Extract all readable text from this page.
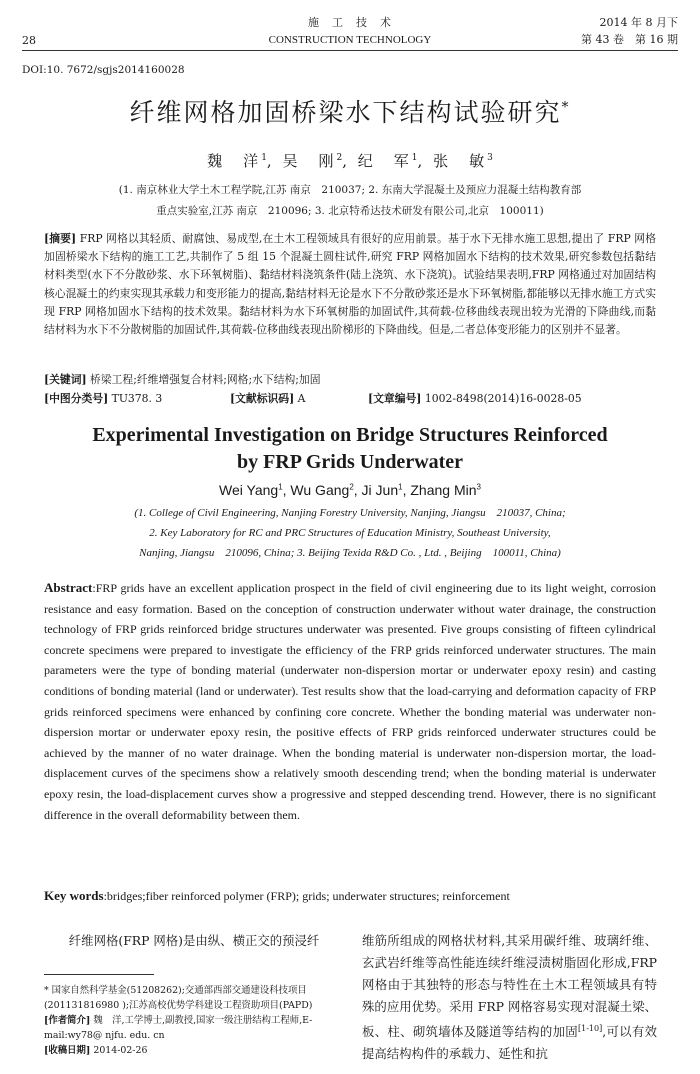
28
施　工　技　术
CONSTRUCTION TECHNOLOGY
2014 年 8 月下
第 43 卷　第 16 期
DOI:10. 7672/sgjs2014160028
纤维网格加固桥梁水下结构试验研究*
魏　洋$^1$, 吴　刚$^2$, 纪　军$^1$, 张　敏$^3$
(1. 南京林业大学土木工程学院,江苏 南京　210037; 2. 东南大学混凝土及预应力混凝土结构教育部
重点实验室,江苏 南京　210096; 3. 北京特希达技术研发有限公司,北京　100011)
[摘要] FRP 网格以其轻质、耐腐蚀、易成型,在土木工程领域具有很好的应用前景。基于水下无排水施工思想,提出了 FRP 网格加固桥梁水下结构的施工工艺,共制作了 5 组 15 个混凝土圆柱试件,研究 FRP 网格加固水下结构的技术效果,研究参数包括黏结材料类型(水下不分散砂浆、水下环氧树脂)、黏结材料浇筑条件(陆上浇筑、水下浇筑)。试验结果表明,FRP 网格通过对加固结构核心混凝土的约束实现其承载力和变形能力的提高,黏结材料无论是水下不分散砂浆还是水下环氧树脂,都能够以无排水施工方式实现 FRP 网格加固水下结构的技术效果。黏结材料为水下环氧树脂的加固试件,其荷载-位移曲线表现出较为光滑的下降曲线,而黏结材料为水下不分散树脂的加固试件,其荷载-位移曲线表现出阶梯形的下降曲线。但是,二者总体变形能力的区别并不显著。
[关键词] 桥梁工程;纤维增强复合材料;网格;水下结构;加固
[中图分类号] TU378. 3	[文献标识码] A	[文章编号] 1002-8498(2014)16-0028-05
Experimental Investigation on Bridge Structures Reinforced
by FRP Grids Underwater
Wei Yang$^1$, Wu Gang$^2$, Ji Jun$^1$, Zhang Min$^3$
(1. College of Civil Engineering, Nanjing Forestry University, Nanjing, Jiangsu　210037, China;
2. Key Laboratory for RC and PRC Structures of Education Ministry, Southeast University,
Nanjing, Jiangsu　210096, China; 3. Beijing Texida R&D Co. , Ltd. , Beijing　100011, China)
Abstract:FRP grids have an excellent application prospect in the field of civil engineering due to its light weight, corrosion resistance and easy formation. Based on the conception of construction underwater without water drainage, the construction technology of FRP grids reinforced bridge structures underwater was presented. Five groups consisting of fifteen cylindrical concrete specimens were prepared to investigate the efficiency of the FRP grids reinforced underwater structures. The main parameters were the type of bonding material (underwater non-dispersion mortar or underwater epoxy resin) and casting conditions of bonding material (land or underwater). Test results show that the load-carrying and deformation capacity of FRP grids reinforced specimens were enhanced by confining core concrete. Whether the bonding material was underwater non-dispersion mortar or underwater epoxy resin, the positive effects of FRP grids reinforced underwater structures could be achieved by the manner of no water drainage. When the bonding material is underwater non-dispersion mortar, the load-displacement curves of the specimens show a relatively smooth descending trend; when the bonding material is underwater epoxy resin, the load-displacement curves show a progressive and stepped descending trend. However, there is no significant difference in the overall deformability between them.
Key words:bridges;fiber reinforced polymer (FRP); grids; underwater structures; reinforcement
纤维网格(FRP 网格)是由纵、横正交的预浸纤	维筋所组成的网格状材料,其采用碳纤维、玻璃纤维、玄武岩纤维等高性能连续纤维浸渍树脂固化形成,FRP 网格由于其独特的形态与特性在土木工程领域具有特殊的应用优势。采用 FRP 网格容易实现对混凝土梁、板、柱、砌筑墙体及隧道等结构的加固[1-10],可以有效提高结构构件的承载力、延性和抗
* 国家自然科学基金(51208262);交通部西部交通建设科技项目(201131816980 );江苏高校优势学科建设工程资助项目(PAPD)
[作者简介] 魏　洋,工学博士,副教授,国家一级注册结构工程师,E-mail:wy78@ njfu. edu. cn
[收稿日期] 2014-02-26
